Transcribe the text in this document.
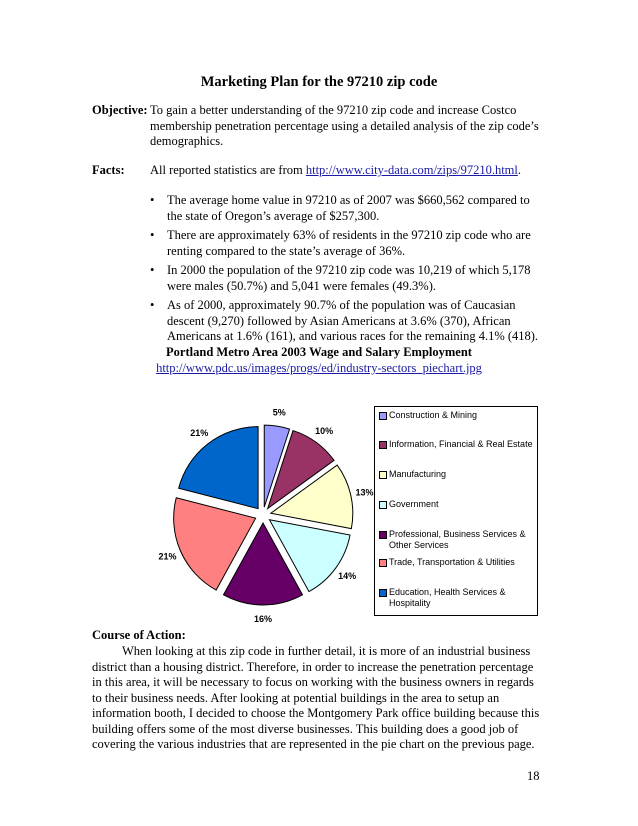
Marketing Plan for the 97210 zip code
Objective: To gain a better understanding of the 97210 zip code and increase Costco membership penetration percentage using a detailed analysis of the zip code’s demographics.
Facts: All reported statistics are from http://www.city-data.com/zips/97210.html.
• The average home value in 97210 as of 2007 was $660,562 compared to the state of Oregon’s average of $257,300.
• There are approximately 63% of residents in the 97210 zip code who are renting compared to the state’s average of 36%.
• In 2000 the population of the 97210 zip code was 10,219 of which 5,178 were males (50.7%) and 5,041 were females (49.3%).
• As of 2000, approximately 90.7% of the population was of Caucasian descent (9,270) followed by Asian Americans at 3.6% (370), African Americans at 1.6% (161), and various races for the remaining 4.1% (418).
Portland Metro Area 2003 Wage and Salary Employment
http://www.pdc.us/images/progs/ed/industry-sectors_piechart.jpg
5%
10%
13%
14%
16%
21%
21%
Construction & Mining
Information, Financial & Real Estate
Manufacturing
Government
Professional, Business Services & Other Services
Trade, Transportation & Utilities
Education, Health Services & Hospitality
Course of Action:
When looking at this zip code in further detail, it is more of an industrial business district than a housing district. Therefore, in order to increase the penetration percentage in this area, it will be necessary to focus on working with the business owners in regards to their business needs. After looking at potential buildings in the area to setup an information booth, I decided to choose the Montgomery Park office building because this building offers some of the most diverse businesses. This building does a good job of covering the various industries that are represented in the pie chart on the previous page.
18
